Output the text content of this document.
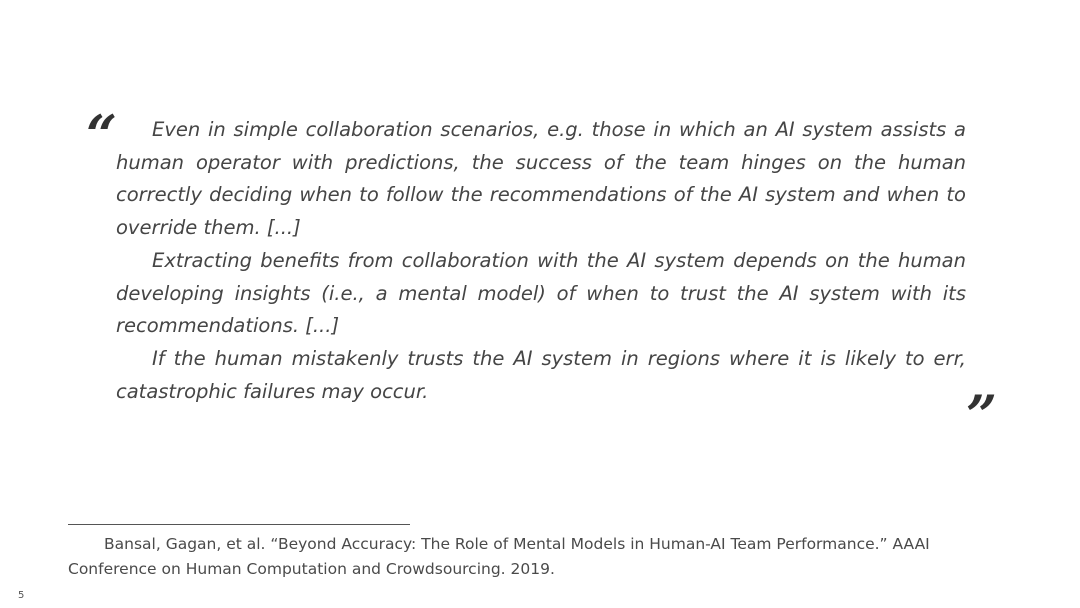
“	Even in simple collaboration scenarios, e.g. those in which an AI system assists a human operator with predictions, the success of the team hinges on the human correctly deciding when to follow the recommendations of the AI system and when to override them. [...]

Extracting benefits from collaboration with the AI system depends on the human developing insights (i.e., a mental model) of when to trust the AI system with its recommendations. [...]

If the human mistakenly trusts the AI system in regions where it is likely to err, catastrophic failures may occur.	”
Bansal, Gagan, et al. “Beyond Accuracy: The Role of Mental Models in Human-AI Team Performance.” AAAI Conference on Human Computation and Crowdsourcing. 2019.
5
